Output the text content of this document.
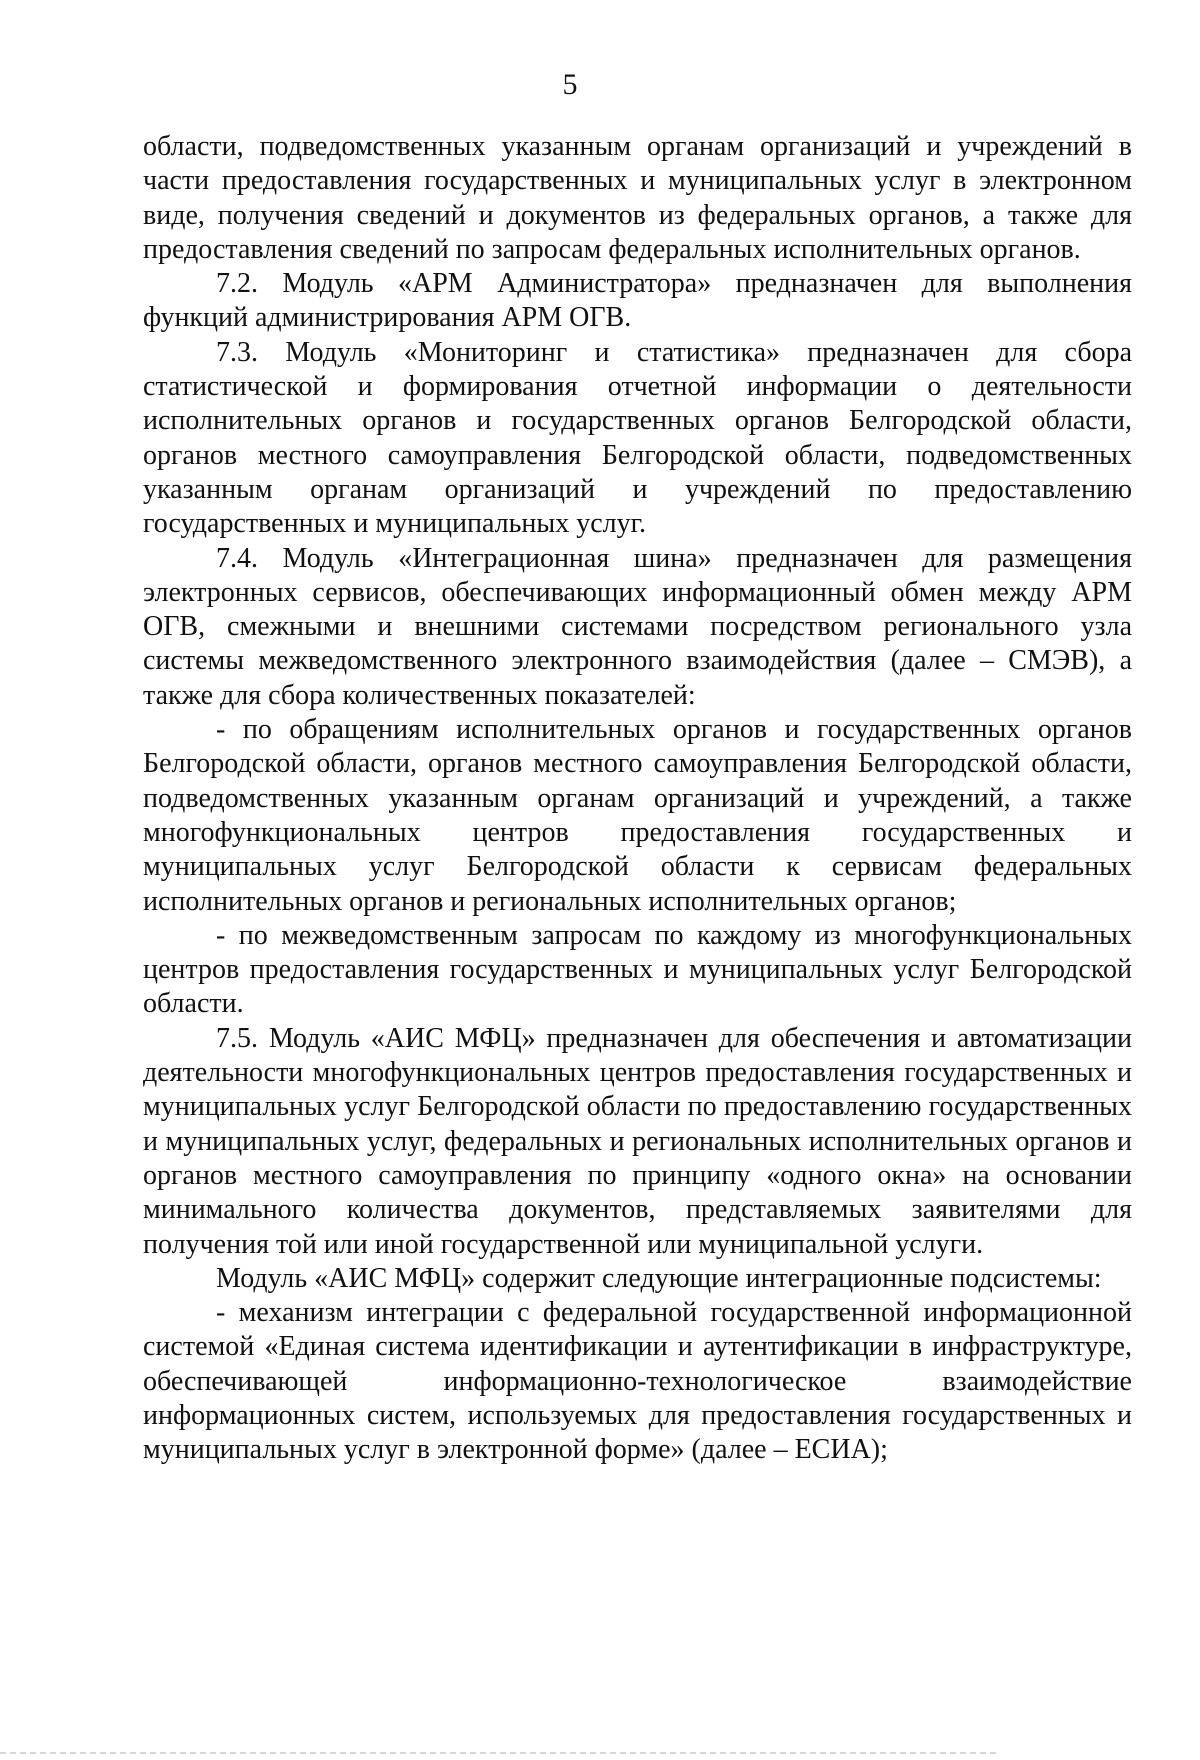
5

области, подведомственных указанным органам организаций и учреждений в части предоставления государственных и муниципальных услуг в электронном виде, получения сведений и документов из федеральных органов, а также для предоставления сведений по запросам федеральных исполнительных органов.

7.2. Модуль «АРМ Администратора» предназначен для выполнения функций администрирования АРМ ОГВ.

7.3. Модуль «Мониторинг и статистика» предназначен для сбора статистической и формирования отчетной информации о деятельности исполнительных органов и государственных органов Белгородской области, органов местного самоуправления Белгородской области, подведомственных указанным органам организаций и учреждений по предоставлению государственных и муниципальных услуг.

7.4. Модуль «Интеграционная шина» предназначен для размещения электронных сервисов, обеспечивающих информационный обмен между АРМ ОГВ, смежными и внешними системами посредством регионального узла системы межведомственного электронного взаимодействия (далее – СМЭВ), а также для сбора количественных показателей:

- по обращениям исполнительных органов и государственных органов Белгородской области, органов местного самоуправления Белгородской области, подведомственных указанным органам организаций и учреждений, а также многофункциональных центров предоставления государственных и муниципальных услуг Белгородской области к сервисам федеральных исполнительных органов и региональных исполнительных органов;

- по межведомственным запросам по каждому из многофункциональных центров предоставления государственных и муниципальных услуг Белгородской области.

7.5. Модуль «АИС МФЦ» предназначен для обеспечения и автоматизации деятельности многофункциональных центров предоставления государственных и муниципальных услуг Белгородской области по предоставлению государственных и муниципальных услуг, федеральных и региональных исполнительных органов и органов местного самоуправления по принципу «одного окна» на основании минимального количества документов, представляемых заявителями для получения той или иной государственной или муниципальной услуги.

Модуль «АИС МФЦ» содержит следующие интеграционные подсистемы:

- механизм интеграции с федеральной государственной информационной системой «Единая система идентификации и аутентификации в инфраструктуре, обеспечивающей информационно-технологическое взаимодействие информационных систем, используемых для предоставления государственных и муниципальных услуг в электронной форме» (далее – ЕСИА);
